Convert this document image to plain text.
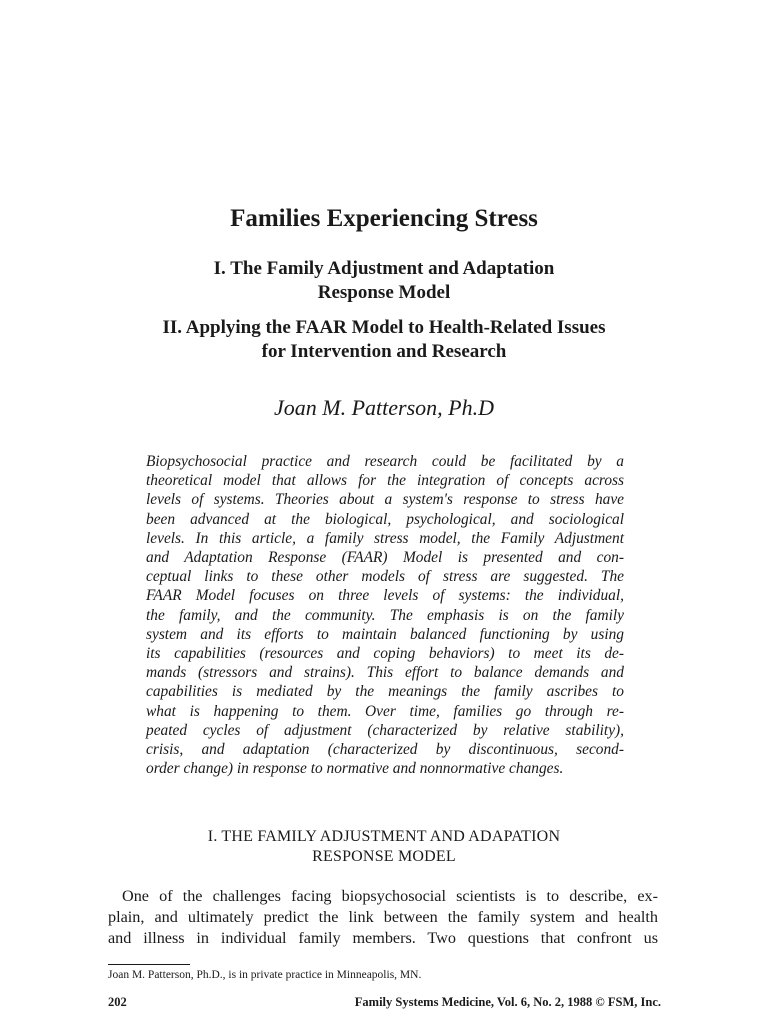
Families Experiencing Stress
I. The Family Adjustment and Adaptation
Response Model
II. Applying the FAAR Model to Health-Related Issues
for Intervention and Research
Joan M. Patterson, Ph.D
Biopsychosocial practice and research could be facilitated by a
theoretical model that allows for the integration of concepts across
levels of systems. Theories about a system's response to stress have
been advanced at the biological, psychological, and sociological
levels. In this article, a family stress model, the Family Adjustment
and Adaptation Response (FAAR) Model is presented and con-
ceptual links to these other models of stress are suggested. The
FAAR Model focuses on three levels of systems: the individual,
the family, and the community. The emphasis is on the family
system and its efforts to maintain balanced functioning by using
its capabilities (resources and coping behaviors) to meet its de-
mands (stressors and strains). This effort to balance demands and
capabilities is mediated by the meanings the family ascribes to
what is happening to them. Over time, families go through re-
peated cycles of adjustment (characterized by relative stability),
crisis, and adaptation (characterized by discontinuous, second-
order change) in response to normative and nonnormative changes.
I. THE FAMILY ADJUSTMENT AND ADAPATION
RESPONSE MODEL
One of the challenges facing biopsychosocial scientists is to describe, ex-
plain, and ultimately predict the link between the family system and health
and illness in individual family members. Two questions that confront us
Joan M. Patterson, Ph.D., is in private practice in Minneapolis, MN.
202	Family Systems Medicine, Vol. 6, No. 2, 1988 © FSM, Inc.
